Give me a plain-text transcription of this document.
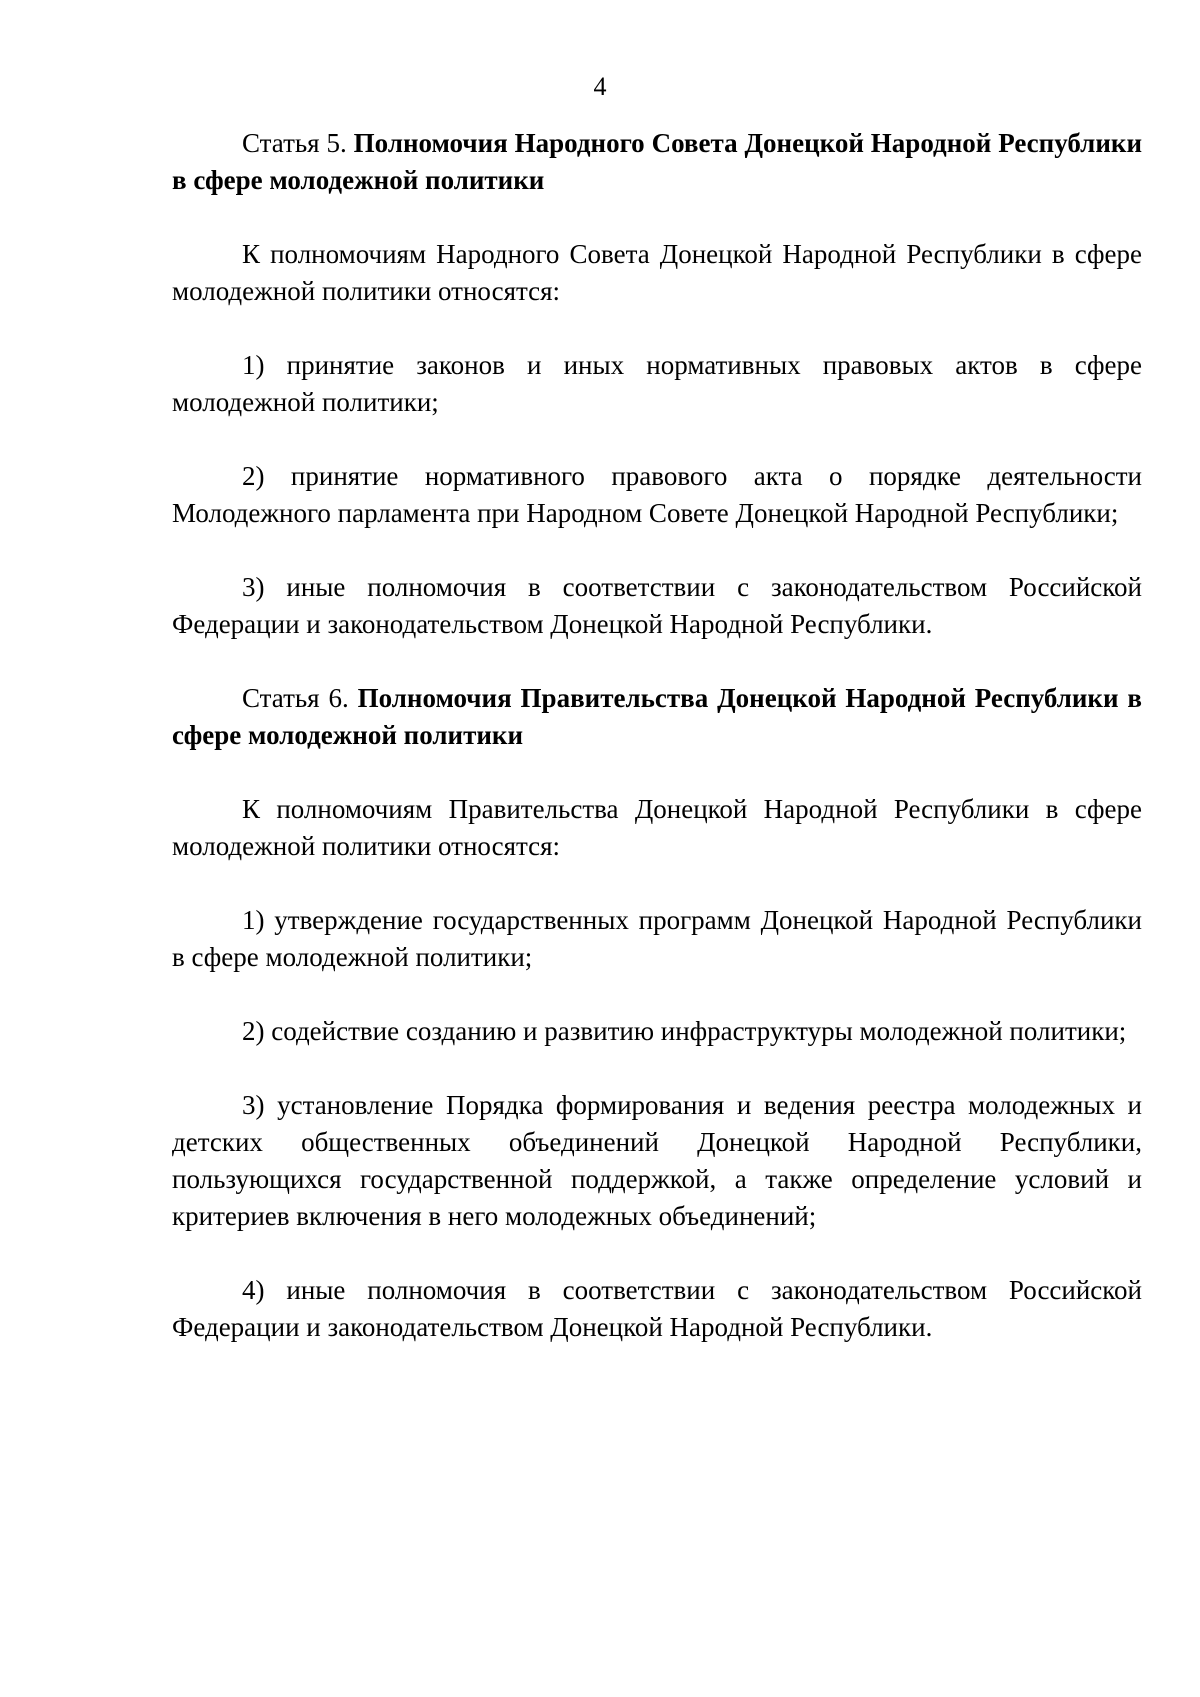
4

Статья 5. Полномочия Народного Совета Донецкой Народной Республики в сфере молодежной политики

К полномочиям Народного Совета Донецкой Народной Республики в сфере молодежной политики относятся:

1) принятие законов и иных нормативных правовых актов в сфере молодежной политики;

2) принятие нормативного правового акта о порядке деятельности Молодежного парламента при Народном Совете Донецкой Народной Республики;

3) иные полномочия в соответствии с законодательством Российской Федерации и законодательством Донецкой Народной Республики.

Статья 6. Полномочия Правительства Донецкой Народной Республики в сфере молодежной политики

К полномочиям Правительства Донецкой Народной Республики в сфере молодежной политики относятся:

1) утверждение государственных программ Донецкой Народной Республики в сфере молодежной политики;

2) содействие созданию и развитию инфраструктуры молодежной политики;

3) установление Порядка формирования и ведения реестра молодежных и детских общественных объединений Донецкой Народной Республики, пользующихся государственной поддержкой, а также определение условий и критериев включения в него молодежных объединений;

4) иные полномочия в соответствии с законодательством Российской Федерации и законодательством Донецкой Народной Республики.
